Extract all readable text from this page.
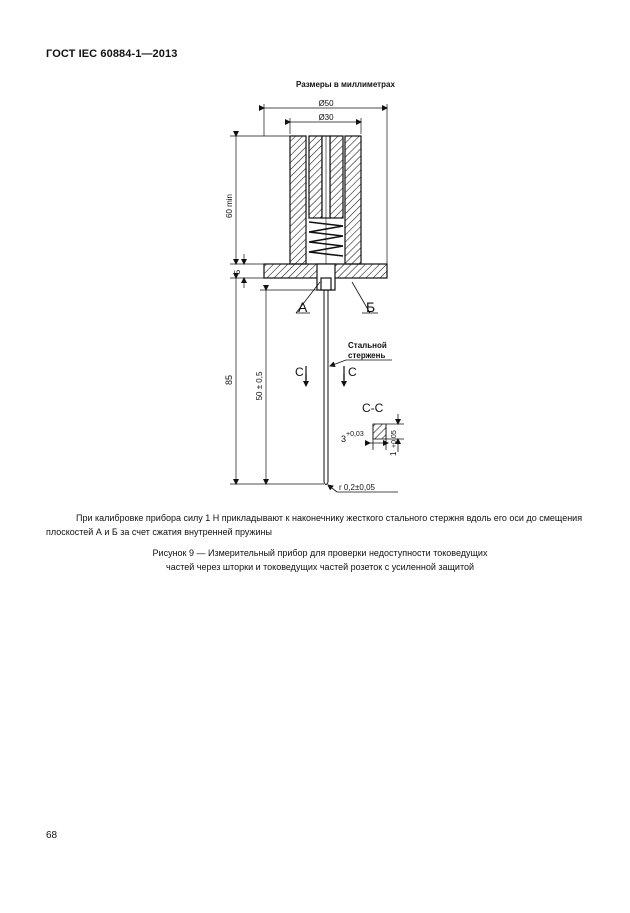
ГОСТ IEC 60884-1—2013
Размеры в миллиметрах
Ø50
Ø30
60 min
5
85	50 ± 0,5
А	Б
Стальной
стержень
С	С
С-С
3 +0,03
1
+0,05
r 0,2±0,05
При калибровке прибора силу 1 Н прикладывают к наконечнику жесткого стального стержня вдоль его оси до смещения плоскостей А и Б за счет сжатия внутренней пружины
Рисунок 9 — Измерительный прибор для проверки недоступности токоведущих
частей через шторки и токоведущих частей розеток с усиленной защитой
68
